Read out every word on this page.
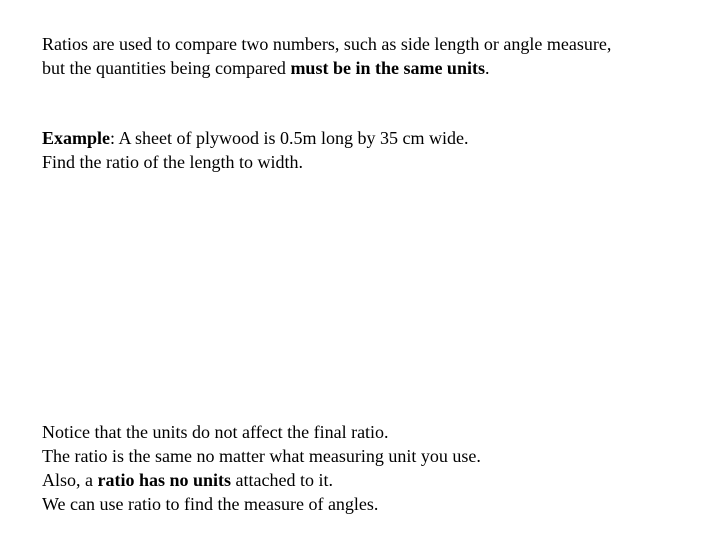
Ratios are used to compare two numbers, such as side length or angle measure,
but the quantities being compared must be in the same units.
Example: A sheet of plywood is 0.5m long by 35 cm wide.
Find the ratio of the length to width.
Notice that the units do not affect the final ratio.
The ratio is the same no matter what measuring unit you use.
Also, a ratio has no units attached to it.
We can use ratio to find the measure of angles.
